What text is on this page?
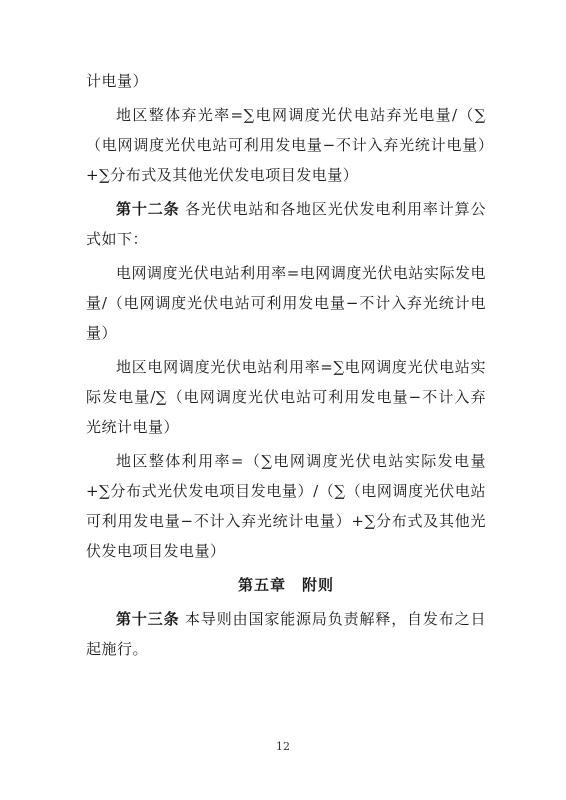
计电量）

地区整体弃光率=∑电网调度光伏电站弃光电量/（∑（电网调度光伏电站可利用发电量−不计入弃光统计电量）+∑分布式及其他光伏发电项目发电量）

第十二条 各光伏电站和各地区光伏发电利用率计算公式如下：

电网调度光伏电站利用率=电网调度光伏电站实际发电量/（电网调度光伏电站可利用发电量−不计入弃光统计电量）

地区电网调度光伏电站利用率=∑电网调度光伏电站实际发电量/∑（电网调度光伏电站可利用发电量−不计入弃光统计电量）

地区整体利用率=（∑电网调度光伏电站实际发电量+∑分布式光伏发电项目发电量）/（∑（电网调度光伏电站可利用发电量−不计入弃光统计电量）+∑分布式及其他光伏发电项目发电量）

第五章　附则

第十三条 本导则由国家能源局负责解释，自发布之日起施行。

12
